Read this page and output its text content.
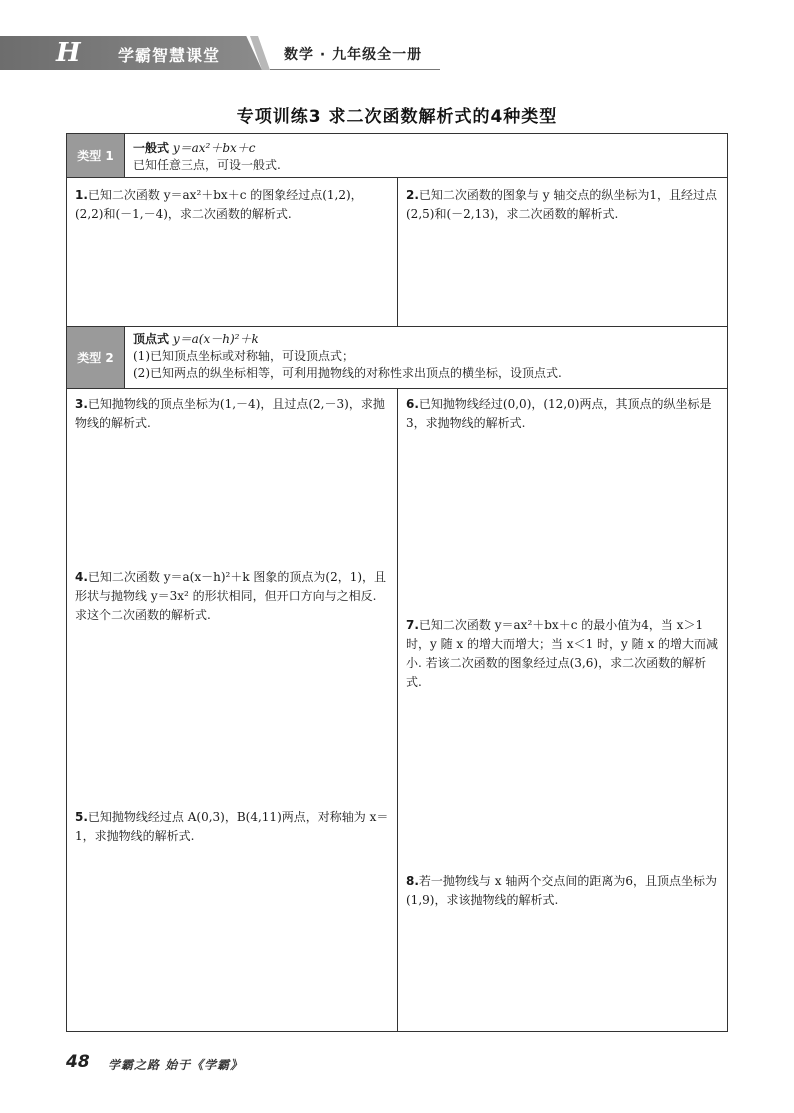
H 学霸智慧课堂	数学 · 九年级全一册
专项训练3 求二次函数解析式的4种类型
类型 1
一般式 y＝ax²＋bx＋c
已知任意三点，可设一般式.
1.已知二次函数 y＝ax²＋bx＋c 的图象经过点(1,2)，(2,2)和(－1,－4)，求二次函数的解析式.
2.已知二次函数的图象与 y 轴交点的纵坐标为1，且经过点(2,5)和(－2,13)，求二次函数的解析式.
类型 2
顶点式 y＝a(x－h)²＋k
(1)已知顶点坐标或对称轴，可设顶点式；
(2)已知两点的纵坐标相等，可利用抛物线的对称性求出顶点的横坐标，设顶点式.
3.已知抛物线的顶点坐标为(1,－4)，且过点(2,－3)，求抛物线的解析式.
4.已知二次函数 y＝a(x－h)²＋k 图象的顶点为(2，1)，且形状与抛物线 y＝3x² 的形状相同，但开口方向与之相反. 求这个二次函数的解析式.
5.已知抛物线经过点 A(0,3)，B(4,11)两点，对称轴为 x＝1，求抛物线的解析式.
6.已知抛物线经过(0,0)，(12,0)两点，其顶点的纵坐标是3，求抛物线的解析式.
7.已知二次函数 y＝ax²＋bx＋c 的最小值为4，当 x＞1 时，y 随 x 的增大而增大；当 x＜1 时，y 随 x 的增大而减小. 若该二次函数的图象经过点(3,6)，求二次函数的解析式.
8.若一抛物线与 x 轴两个交点间的距离为6，且顶点坐标为(1,9)，求该抛物线的解析式.
48 学霸之路 始于《学霸》
